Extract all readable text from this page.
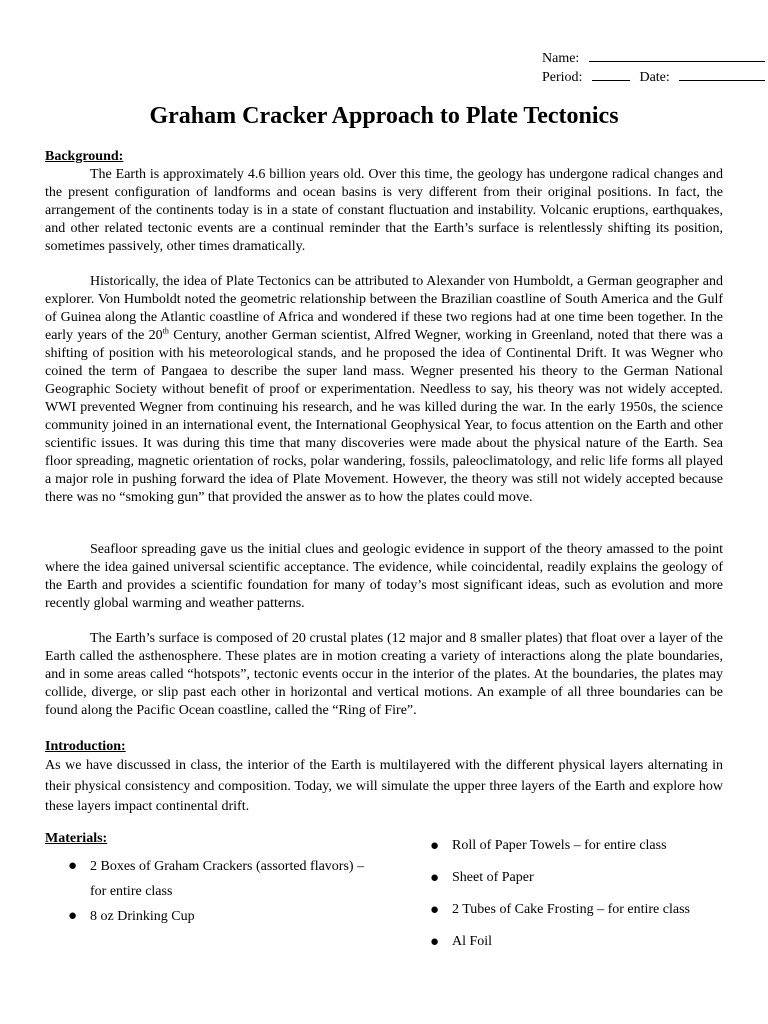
Name:
Period:	Date:
Graham Cracker Approach to Plate Tectonics
Background:

The Earth is approximately 4.6 billion years old. Over this time, the geology has undergone radical changes and the present configuration of landforms and ocean basins is very different from their original positions. In fact, the arrangement of the continents today is in a state of constant fluctuation and instability. Volcanic eruptions, earthquakes, and other related tectonic events are a continual reminder that the Earth’s surface is relentlessly shifting its position, sometimes passively, other times dramatically.

Historically, the idea of Plate Tectonics can be attributed to Alexander von Humboldt, a German geographer and explorer. Von Humboldt noted the geometric relationship between the Brazilian coastline of South America and the Gulf of Guinea along the Atlantic coastline of Africa and wondered if these two regions had at one time been together. In the early years of the 20th Century, another German scientist, Alfred Wegner, working in Greenland, noted that there was a shifting of position with his meteorological stands, and he proposed the idea of Continental Drift. It was Wegner who coined the term of Pangaea to describe the super land mass. Wegner presented his theory to the German National Geographic Society without benefit of proof or experimentation. Needless to say, his theory was not widely accepted. WWI prevented Wegner from continuing his research, and he was killed during the war. In the early 1950s, the science community joined in an international event, the International Geophysical Year, to focus attention on the Earth and other scientific issues. It was during this time that many discoveries were made about the physical nature of the Earth. Sea floor spreading, magnetic orientation of rocks, polar wandering, fossils, paleoclimatology, and relic life forms all played a major role in pushing forward the idea of Plate Movement. However, the theory was still not widely accepted because there was no “smoking gun” that provided the answer as to how the plates could move.

Seafloor spreading gave us the initial clues and geologic evidence in support of the theory amassed to the point where the idea gained universal scientific acceptance. The evidence, while coincidental, readily explains the geology of the Earth and provides a scientific foundation for many of today’s most significant ideas, such as evolution and more recently global warming and weather patterns.

The Earth’s surface is composed of 20 crustal plates (12 major and 8 smaller plates) that float over a layer of the Earth called the asthenosphere. These plates are in motion creating a variety of interactions along the plate boundaries, and in some areas called “hotspots”, tectonic events occur in the interior of the plates. At the boundaries, the plates may collide, diverge, or slip past each other in horizontal and vertical motions. An example of all three boundaries can be found along the Pacific Ocean coastline, called the “Ring of Fire”.

Introduction:

As we have discussed in class, the interior of the Earth is multilayered with the different physical layers alternating in their physical consistency and composition. Today, we will simulate the upper three layers of the Earth and explore how these layers impact continental drift.

Materials:
● 2 Boxes of Graham Crackers (assorted flavors) – for entire class
● 8 oz Drinking Cup
● Roll of Paper Towels – for entire class
● Sheet of Paper
● 2 Tubes of Cake Frosting – for entire class
● Al Foil
